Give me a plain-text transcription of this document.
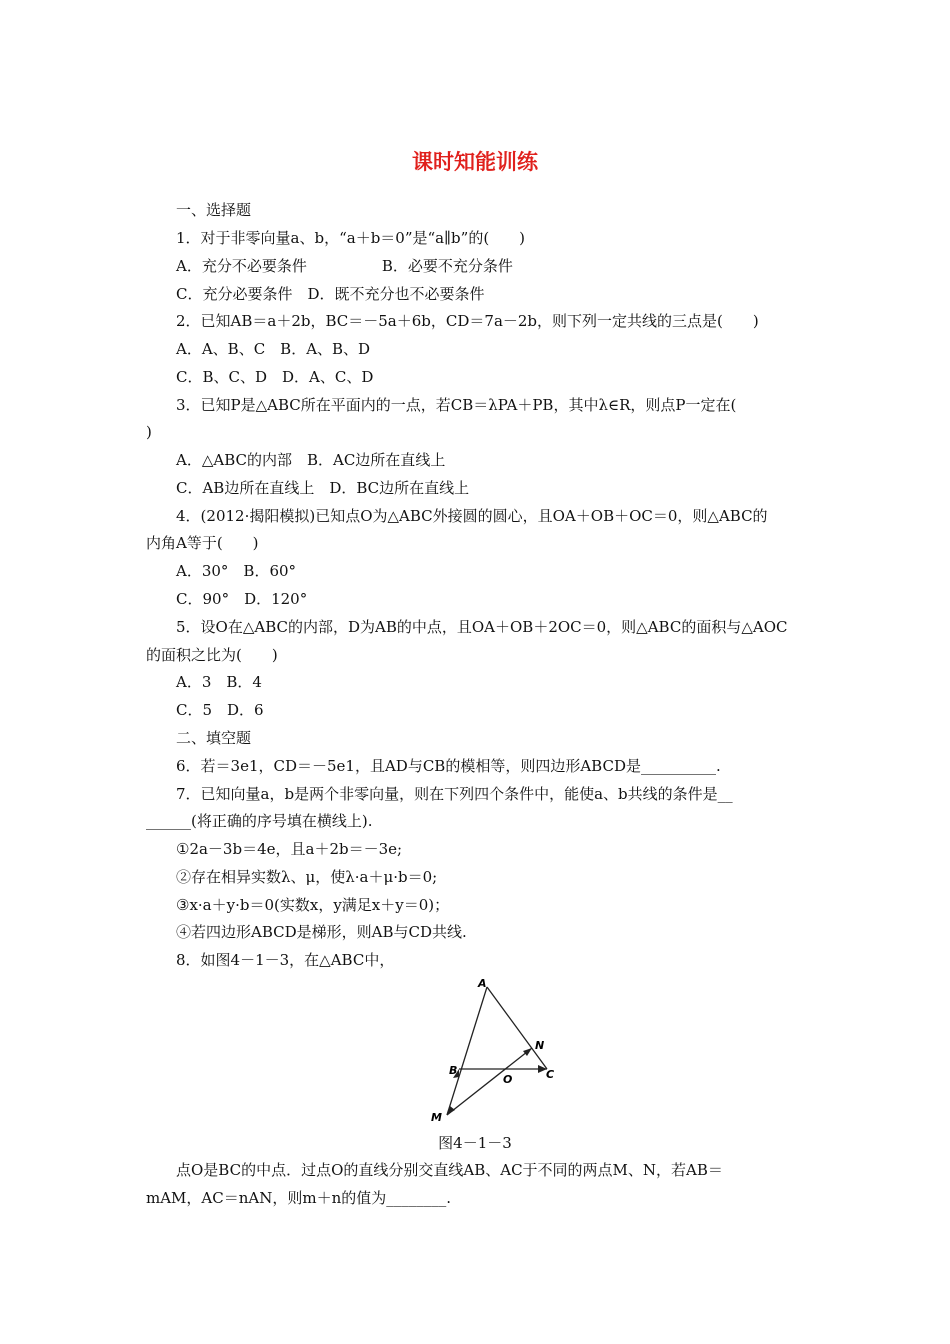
课时知能训练
一、选择题
1．对于非零向量a、b，“a＋b＝0”是“a∥b”的(　　)
A．充分不必要条件　　　　　B．必要不充分条件
C．充分必要条件　D．既不充分也不必要条件
2．已知AB＝a＋2b，BC＝－5a＋6b，CD＝7a－2b，则下列一定共线的三点是(　　)
A．A、B、C　B．A、B、D
C．B、C、D　D．A、C、D
3．已知P是△ABC所在平面内的一点，若CB＝λPA＋PB，其中λ∈R，则点P一定在(
)
A．△ABC的内部　B．AC边所在直线上
C．AB边所在直线上　D．BC边所在直线上
4．(2012·揭阳模拟)已知点O为△ABC外接圆的圆心，且OA＋OB＋OC＝0，则△ABC的
内角A等于(　　)
A．30°　B．60°
C．90°　D．120°
5．设O在△ABC的内部，D为AB的中点，且OA＋OB＋2OC＝0，则△ABC的面积与△AOC
的面积之比为(　　)
A．3　B．4
C．5　D．6
二、填空题
6．若＝3e1，CD＝－5e1，且AD与CB的模相等，则四边形ABCD是__________.
7．已知向量a，b是两个非零向量，则在下列四个条件中，能使a、b共线的条件是__
______(将正确的序号填在横线上).
①2a－3b＝4e，且a＋2b＝－3e;
②存在相异实数λ、μ，使λ·a＋μ·b＝0;
③x·a＋y·b＝0(实数x，y满足x＋y＝0)；
④若四边形ABCD是梯形，则AB与CD共线.
8．如图4－1－3，在△ABC中，
A
B	C
N
O
M
图4－1－3
点O是BC的中点．过点O的直线分别交直线AB、AC于不同的两点M、N，若AB＝
mAM，AC＝nAN，则m＋n的值为________.
